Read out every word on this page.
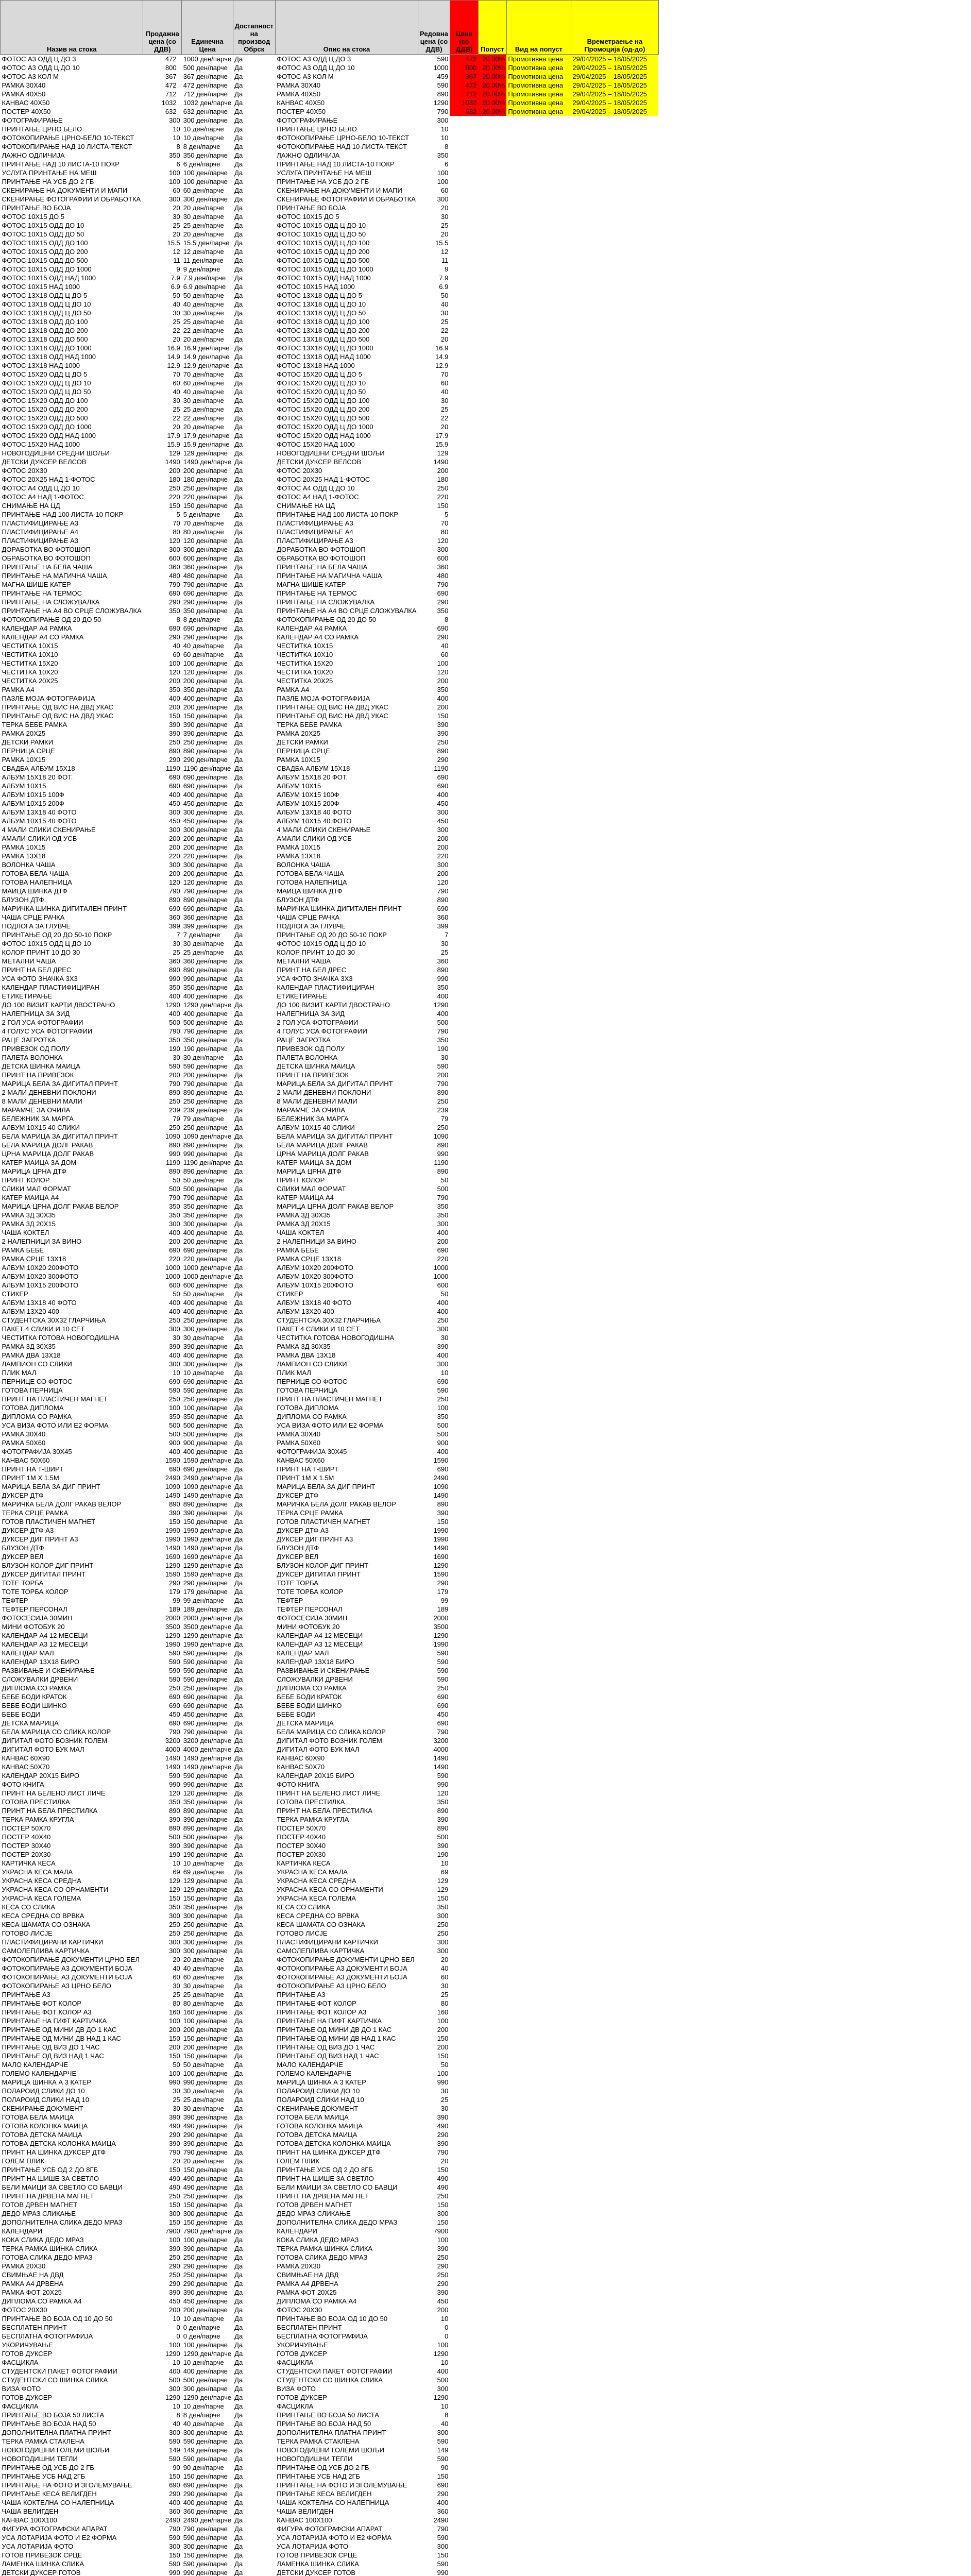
Назив на стока	Продажна цена (со ДДВ)	Единечна Цена	Достапност на производ Обрск	Опис на стока	Редовна цена (со ДДВ)	Цена (со ДДВ)	Попуст	Вид на попуст	Времетраење на Промоција (од-до)
ФОТОС А3 ОДД Ц ДО 3	472	1000 ден/парче	Да	ФОТОС А3 ОДД Ц ДО 3	590	472	20.00%	Промотивна цена	29/04/2025 – 18/05/2025
ФОТОС А3 ОДД Ц ДО 10	800	500 ден/парче	Да	ФОТОС А3 ОДД Ц ДО 10	1000	800	20.00%	Промотивна цена	29/04/2025 – 18/05/2025
ФОТОС А3 КОЛ М	367	367 ден/парче	Да	ФОТОС А3 КОЛ М	459	367	20.00%	Промотивна цена	29/04/2025 – 18/05/2025
РАМКА 30Х40	472	472 ден/парче	Да	РАМКА 30Х40	590	472	20.00%	Промотивна цена	29/04/2025 – 18/05/2025
РАМКА 40Х50	712	712 ден/парче	Да	РАМКА 40Х50	890	712	20.00%	Промотивна цена	29/04/2025 – 18/05/2025
КАНВАС 40Х50	1032	1032 ден/парче	Да	КАНВАС 40Х50	1290	1032	20.00%	Промотивна цена	29/04/2025 – 18/05/2025
ПОСТЕР 40Х50	632	632 ден/парче	Да	ПОСТЕР 40Х50	790	632	20.00%	Промотивна цена	29/04/2025 – 18/05/2025
ФОТОГРАФИРАЊЕ	300	300 ден/парче	Да	ФОТОГРАФИРАЊЕ	300				
ПРИНТАЊЕ ЦРНО БЕЛО	10	10 ден/парче	Да	ПРИНТАЊЕ ЦРНО БЕЛО	10				
ФОТОКОПИРАЊЕ ЦРНО-БЕЛО 10-ТЕКСТ	10	10 ден/парче	Да	ФОТОКОПИРАЊЕ ЦРНО-БЕЛО 10-ТЕКСТ	10				
ФОТОКОПИРАЊЕ НАД 10 ЛИСТА-ТЕКСТ	8	8 ден/парче	Да	ФОТОКОПИРАЊЕ НАД 10 ЛИСТА-ТЕКСТ	8				
ЛАЖНО ОДЛИЧИЈА	350	350 ден/парче	Да	ЛАЖНО ОДЛИЧИЈА	350				
ПРИНТАЊЕ НАД 10 ЛИСТА-10 ПОКР	6	6 ден/парче	Да	ПРИНТАЊЕ НАД 10 ЛИСТА-10 ПОКР	6				
УСЛУГА ПРИНТАЊЕ НА МЕШ	100	100 ден/парче	Да	УСЛУГА ПРИНТАЊЕ НА МЕШ	100				
ПРИНТАЊЕ НА УСБ ДО 2 ГБ	100	100 ден/парче	Да	ПРИНТАЊЕ НА УСБ ДО 2 ГБ	100				
СКЕНИРАЊЕ НА ДОКУМЕНТИ И МАПИ	60	60 ден/парче	Да	СКЕНИРАЊЕ НА ДОКУМЕНТИ И МАПИ	60				
СКЕНИРАЊЕ ФОТОГРАФИИ И ОБРАБОТКА	300	300 ден/парче	Да	СКЕНИРАЊЕ ФОТОГРАФИИ И ОБРАБОТКА	300				
ПРИНТАЊЕ ВО БОЈА	20	20 ден/парче	Да	ПРИНТАЊЕ ВО БОЈА	20				
ФОТОС 10Х15 ДО 5	30	30 ден/парче	Да	ФОТОС 10Х15 ДО 5	30				
ФОТОС 10Х15 ОДД ДО 10	25	25 ден/парче	Да	ФОТОС 10Х15 ОДД Ц ДО 10	25				
ФОТОС 10Х15 ОДД ДО 50	20	20 ден/парче	Да	ФОТОС 10Х15 ОДД Ц ДО 50	20				
ФОТОС 10Х15 ОДД ДО 100	15.5	15.5 ден/парче	Да	ФОТОС 10Х15 ОДД Ц ДО 100	15.5				
ФОТОС 10Х15 ОДД ДО 200	12	12 ден/парче	Да	ФОТОС 10Х15 ОДД Ц ДО 200	12				
ФОТОС 10Х15 ОДД ДО 500	11	11 ден/парче	Да	ФОТОС 10Х15 ОДД Ц ДО 500	11				
ФОТОС 10Х15 ОДД ДО 1000	9	9 ден/парче	Да	ФОТОС 10Х15 ОДД Ц ДО 1000	9				
ФОТОС 10Х15 ОДД НАД 1000	7.9	7.9 ден/парче	Да	ФОТОС 10Х15 ОДД НАД 1000	7.9				
ФОТОС 10Х15 НАД 1000	6.9	6.9 ден/парче	Да	ФОТОС 10Х15 НАД 1000	6.9				
ФОТОС 13Х18 ОДД Ц ДО 5	50	50 ден/парче	Да	ФОТОС 13Х18 ОДД Ц ДО 5	50				
ФОТОС 13Х18 ОДД Ц ДО 10	40	40 ден/парче	Да	ФОТОС 13Х18 ОДД Ц ДО 10	40				
ФОТОС 13Х18 ОДД Ц ДО 50	30	30 ден/парче	Да	ФОТОС 13Х18 ОДД Ц ДО 50	30				
ФОТОС 13Х18 ОДД ДО 100	25	25 ден/парче	Да	ФОТОС 13Х18 ОДД Ц ДО 100	25				
ФОТОС 13Х18 ОДД ДО 200	22	22 ден/парче	Да	ФОТОС 13Х18 ОДД Ц ДО 200	22				
ФОТОС 13Х18 ОДД ДО 500	20	20 ден/парче	Да	ФОТОС 13Х18 ОДД Ц ДО 500	20				
ФОТОС 13Х18 ОДД ДО 1000	16.9	16.9 ден/парче	Да	ФОТОС 13Х18 ОДД Ц ДО 1000	16.9				
ФОТОС 13Х18 ОДД НАД 1000	14.9	14.9 ден/парче	Да	ФОТОС 13Х18 ОДД НАД 1000	14.9				
ФОТОС 13Х18 НАД 1000	12.9	12.9 ден/парче	Да	ФОТОС 13Х18 НАД 1000	12.9				
ФОТОС 15Х20 ОДД Ц ДО 5	70	70 ден/парче	Да	ФОТОС 15Х20 ОДД Ц ДО 5	70				
ФОТОС 15Х20 ОДД Ц ДО 10	60	60 ден/парче	Да	ФОТОС 15Х20 ОДД Ц ДО 10	60				
ФОТОС 15Х20 ОДД Ц ДО 50	40	40 ден/парче	Да	ФОТОС 15Х20 ОДД Ц ДО 50	40				
ФОТОС 15Х20 ОДД ДО 100	30	30 ден/парче	Да	ФОТОС 15Х20 ОДД Ц ДО 100	30				
ФОТОС 15Х20 ОДД ДО 200	25	25 ден/парче	Да	ФОТОС 15Х20 ОДД Ц ДО 200	25				
ФОТОС 15Х20 ОДД ДО 500	22	22 ден/парче	Да	ФОТОС 15Х20 ОДД Ц ДО 500	22				
ФОТОС 15Х20 ОДД ДО 1000	20	20 ден/парче	Да	ФОТОС 15Х20 ОДД Ц ДО 1000	20				
ФОТОС 15Х20 ОДД НАД 1000	17.9	17.9 ден/парче	Да	ФОТОС 15Х20 ОДД НАД 1000	17.9				
ФОТОС 15Х20 НАД 1000	15.9	15.9 ден/парче	Да	ФОТОС 15Х20 НАД 1000	15.9				
НОВОГОДИШНИ СРЕДНИ ШОЉИ	129	129 ден/парче	Да	НОВОГОДИШНИ СРЕДНИ ШОЉИ	129				
ДЕТСКИ ДУКСЕР ВЕЛСОВ	1490	1490 ден/парче	Да	ДЕТСКИ ДУКСЕР ВЕЛСОВ	1490				
ФОТОС 20Х30	200	200 ден/парче	Да	ФОТОС 20Х30	200				
ФОТОС 20Х25 НАД 1-ФОТОС	180	180 ден/парче	Да	ФОТОС 20Х25 НАД 1-ФОТОС	180				
ФОТОС А4 ОДД Ц ДО 10	250	250 ден/парче	Да	ФОТОС А4 ОДД Ц ДО 10	250				
ФОТОС А4 НАД 1-ФОТОС	220	220 ден/парче	Да	ФОТОС А4 НАД 1-ФОТОС	220				
СНИМАЊЕ НА ЦД	150	150 ден/парче	Да	СНИМАЊЕ НА ЦД	150				
ПРИНТАЊЕ НАД 100 ЛИСТА-10 ПОКР	5	5 ден/парче	Да	ПРИНТАЊЕ НАД 100 ЛИСТА-10 ПОКР	5				
ПЛАСТИФИЦИРАЊЕ А3	70	70 ден/парче	Да	ПЛАСТИФИЦИРАЊЕ А3	70				
ПЛАСТИФИЦИРАЊЕ А4	80	80 ден/парче	Да	ПЛАСТИФИЦИРАЊЕ А4	80				
ПЛАСТИФИЦИРАЊЕ А3	120	120 ден/парче	Да	ПЛАСТИФИЦИРАЊЕ А3	120				
ДОРАБОТКА ВО ФОТОШОП	300	300 ден/парче	Да	ДОРАБОТКА ВО ФОТОШОП	300				
ОБРАБОТКА ВО ФОТОШОП	600	600 ден/парче	Да	ОБРАБОТКА ВО ФОТОШОП	600				
ПРИНТАЊЕ НА БЕЛА ЧАША	360	360 ден/парче	Да	ПРИНТАЊЕ НА БЕЛА ЧАША	360				
ПРИНТАЊЕ НА МАГИЧНА ЧАША	480	480 ден/парче	Да	ПРИНТАЊЕ НА МАГИЧНА ЧАША	480				
МАГНА ШИШЕ КАТЕР	790	790 ден/парче	Да	МАГНА ШИШЕ КАТЕР	790				
ПРИНТАЊЕ НА ТЕРМОС	690	690 ден/парче	Да	ПРИНТАЊЕ НА ТЕРМОС	690				
ПРИНТАЊЕ НА СЛОЖУВАЛКА	290	290 ден/парче	Да	ПРИНТАЊЕ НА СЛОЖУВАЛКА	290				
ПРИНТАЊЕ НА А4 ВО СРЦЕ СЛОЖУВАЛКА	350	350 ден/парче	Да	ПРИНТАЊЕ НА А4 ВО СРЦЕ СЛОЖУВАЛКА	350				
ФОТОКОПИРАЊЕ ОД 20 ДО 50	8	8 ден/парче	Да	ФОТОКОПИРАЊЕ ОД 20 ДО 50	8				
КАЛЕНДАР А4 РАМКА	690	690 ден/парче	Да	КАЛЕНДАР А4 РАМКА	690				
КАЛЕНДАР А4 СО РАМКА	290	290 ден/парче	Да	КАЛЕНДАР А4 СО РАМКА	290				
ЧЕСТИТКА 10Х15	40	40 ден/парче	Да	ЧЕСТИТКА 10Х15	40				
ЧЕСТИТКА 10Х10	60	60 ден/парче	Да	ЧЕСТИТКА 10Х10	60				
ЧЕСТИТКА 15Х20	100	100 ден/парче	Да	ЧЕСТИТКА 15Х20	100				
ЧЕСТИТКА 10Х20	120	120 ден/парче	Да	ЧЕСТИТКА 10Х20	120				
ЧЕСТИТКА 20Х25	200	200 ден/парче	Да	ЧЕСТИТКА 20Х25	200				
РАМКА А4	350	350 ден/парче	Да	РАМКА А4	350				
ПАЗЛЕ МОЈА ФОТОГРАФИЈА	400	400 ден/парче	Да	ПАЗЛЕ МОЈА ФОТОГРАФИЈА	400				
ПРИНТАЊЕ ОД ВИС НА ДВД УКАС	200	200 ден/парче	Да	ПРИНТАЊЕ ОД ВИС НА ДВД УКАС	200				
ПРИНТАЊЕ ОД ВИС НА ДВД УКАС	150	150 ден/парче	Да	ПРИНТАЊЕ ОД ВИС НА ДВД УКАС	150				
ТЕРКА БЕБЕ РАМКА	390	390 ден/парче	Да	ТЕРКА БЕБЕ РАМКА	390				
РАМКА 20Х25	390	390 ден/парче	Да	РАМКА 20Х25	390				
ДЕТСКИ РАМКИ	250	250 ден/парче	Да	ДЕТСКИ РАМКИ	250				
ПЕРНИЦА СРЦЕ	890	890 ден/парче	Да	ПЕРНИЦА СРЦЕ	890				
РАМКА 10Х15	290	290 ден/парче	Да	РАМКА 10Х15	290				
СВАДБА АЛБУМ 15Х18	1190	1190 ден/парче	Да	СВАДБА АЛБУМ 15Х18	1190				
АЛБУМ 15Х18 20 ФОТ.	690	690 ден/парче	Да	АЛБУМ 15Х18 20 ФОТ.	690				
АЛБУМ 10Х15	690	690 ден/парче	Да	АЛБУМ 10Х15	690				
АЛБУМ 10Х15 100Ф	400	400 ден/парче	Да	АЛБУМ 10Х15 100Ф	400				
АЛБУМ 10Х15 200Ф	450	450 ден/парче	Да	АЛБУМ 10Х15 200Ф	450				
АЛБУМ 13Х18 40 ФОТО	300	300 ден/парче	Да	АЛБУМ 13Х18 40 ФОТО	300				
АЛБУМ 10Х15 40 ФОТО	450	450 ден/парче	Да	АЛБУМ 10Х15 40 ФОТО	450				
4 МАЛИ СЛИКИ СКЕНИРАЊЕ	300	300 ден/парче	Да	4 МАЛИ СЛИКИ СКЕНИРАЊЕ	300				
АМАЛИ СЛИКИ ОД УСБ	200	200 ден/парче	Да	АМАЛИ СЛИКИ ОД УСБ	200				
РАМКА 10Х15	200	200 ден/парче	Да	РАМКА 10Х15	200				
РАМКА 13Х18	220	220 ден/парче	Да	РАМКА 13Х18	220				
ВОЛОНКА ЧАША	300	300 ден/парче	Да	ВОЛОНКА ЧАША	300				
ГОТОВА БЕЛА ЧАША	200	200 ден/парче	Да	ГОТОВА БЕЛА ЧАША	200				
ГОТОВА НАЛЕПНИЦА	120	120 ден/парче	Да	ГОТОВА НАЛЕПНИЦА	120				
МАИЦА ШИНКА ДТФ	790	790 ден/парче	Да	МАИЦА ШИНКА ДТФ	790				
БЛУЗОН ДТФ	890	890 ден/парче	Да	БЛУЗОН ДТФ	890				
МАРИЧКА ШИНКА ДИГИТАЛЕН ПРИНТ	690	690 ден/парче	Да	МАРИЧКА ШИНКА ДИГИТАЛЕН ПРИНТ	690				
ЧАША СРЦЕ РАЧКА	360	360 ден/парче	Да	ЧАША СРЦЕ РАЧКА	360				
ПОДЛОГА ЗА ГЛУВЧЕ	399	399 ден/парче	Да	ПОДЛОГА ЗА ГЛУВЧЕ	399				
ПРИНТАЊЕ ОД 20 ДО 50-10 ПОКР	7	7 ден/парче	Да	ПРИНТАЊЕ ОД 20 ДО 50-10 ПОКР	7				
ФОТОС 10Х15 ОДД Ц ДО 10	30	30 ден/парче	Да	ФОТОС 10Х15 ОДД Ц ДО 10	30				
КОЛОР ПРИНТ 10 ДО 30	25	25 ден/парче	Да	КОЛОР ПРИНТ 10 ДО 30	25				
МЕТАЛНИ ЧАША	360	360 ден/парче	Да	МЕТАЛНИ ЧАША	360				
ПРИНТ НА БЕЛ ДРЕС	890	890 ден/парче	Да	ПРИНТ НА БЕЛ ДРЕС	890				
УСА ФОТО ЗНАЧКА 3Х3	990	990 ден/парче	Да	УСА ФОТО ЗНАЧКА 3Х3	990				
КАЛЕНДАР ПЛАСТИФИЦИРАН	350	350 ден/парче	Да	КАЛЕНДАР ПЛАСТИФИЦИРАН	350				
ЕТИКЕТИРАЊЕ	400	400 ден/парче	Да	ЕТИКЕТИРАЊЕ	400				
ДО 100 ВИЗИТ КАРТИ ДВОСТРАНО	1290	1290 ден/парче	Да	ДО 100 ВИЗИТ КАРТИ ДВОСТРАНО	1290				
НАЛЕПНИЦА ЗА ЗИД	400	400 ден/парче	Да	НАЛЕПНИЦА ЗА ЗИД	400				
2 ГОЛ УСА ФОТОГРАФИИ	500	500 ден/парче	Да	2 ГОЛ УСА ФОТОГРАФИИ	500				
4 ГОЛУС УСА ФОТОГРАФИИ	790	790 ден/парче	Да	4 ГОЛУС УСА ФОТОГРАФИИ	790				
РАЦЕ ЗАГРОТКА	350	350 ден/парче	Да	РАЦЕ ЗАГРОТКА	350				
ПРИВЕЗОК ОД ПОЛУ	190	190 ден/парче	Да	ПРИВЕЗОК ОД ПОЛУ	190				
ПАЛЕТА ВОЛОНКА	30	30 ден/парче	Да	ПАЛЕТА ВОЛОНКА	30				
ДЕТСКА ШИНКА МАИЦА	590	590 ден/парче	Да	ДЕТСКА ШИНКА МАИЦА	590				
ПРИНТ НА ПРИВЕЗОК	200	200 ден/парче	Да	ПРИНТ НА ПРИВЕЗОК	200				
МАРИЦА БЕЛА ЗА ДИГИТАЛ ПРИНТ	790	790 ден/парче	Да	МАРИЦА БЕЛА ЗА ДИГИТАЛ ПРИНТ	790				
2 МАЛИ ДЕНЕВНИ ПОКЛОНИ	890	890 ден/парче	Да	2 МАЛИ ДЕНЕВНИ ПОКЛОНИ	890				
8 МАЛИ ДЕНЕВНИ МАЛИ	250	250 ден/парче	Да	8 МАЛИ ДЕНЕВНИ МАЛИ	250				
МАРАМЧЕ ЗА ОЧИЛА	239	239 ден/парче	Да	МАРАМЧЕ ЗА ОЧИЛА	239				
БЕЛЕЖНИК ЗА МАРГА	79	79 ден/парче	Да	БЕЛЕЖНИК ЗА МАРГА	79				
АЛБУМ 10Х15 40 СЛИКИ	250	250 ден/парче	Да	АЛБУМ 10Х15 40 СЛИКИ	250				
БЕЛА МАРИЦА ЗА ДИГИТАЛ ПРИНТ	1090	1090 ден/парче	Да	БЕЛА МАРИЦА ЗА ДИГИТАЛ ПРИНТ	1090				
БЕЛА МАРИЦА ДОЛГ РАКАВ	890	890 ден/парче	Да	БЕЛА МАРИЦА ДОЛГ РАКАВ	890				
ЦРНА МАРИЦА ДОЛГ РАКАВ	990	990 ден/парче	Да	ЦРНА МАРИЦА ДОЛГ РАКАВ	990				
КАТЕР МАИЦА ЗА ДОМ	1190	1190 ден/парче	Да	КАТЕР МАИЦА ЗА ДОМ	1190				
МАРИЦА ЦРНА ДТФ	890	890 ден/парче	Да	МАРИЦА ЦРНА ДТФ	890				
ПРИНТ КОЛОР	50	50 ден/парче	Да	ПРИНТ КОЛОР	50				
СЛИКИ МАЛ ФОРМАТ	500	500 ден/парче	Да	СЛИКИ МАЛ ФОРМАТ	500				
КАТЕР МАИЦА А4	790	790 ден/парче	Да	КАТЕР МАИЦА А4	790				
МАРИЦА ЦРНА ДОЛГ РАКАВ ВЕЛОР	350	350 ден/парче	Да	МАРИЦА ЦРНА ДОЛГ РАКАВ ВЕЛОР	350				
РАМКА 3Д 30Х35	350	350 ден/парче	Да	РАМКА 3Д 30Х35	350				
РАМКА 3Д 20Х15	300	300 ден/парче	Да	РАМКА 3Д 20Х15	300				
ЧАША КОКТЕЛ	400	400 ден/парче	Да	ЧАША КОКТЕЛ	400				
2 НАЛЕПНИЦИ ЗА ВИНО	200	200 ден/парче	Да	2 НАЛЕПНИЦИ ЗА ВИНО	200				
РАМКА БЕБЕ	690	690 ден/парче	Да	РАМКА БЕБЕ	690				
РАМКА СРЦЕ 13Х18	220	220 ден/парче	Да	РАМКА СРЦЕ 13Х18	220				
АЛБУМ 10Х20 200ФОТО	1000	1000 ден/парче	Да	АЛБУМ 10Х20 200ФОТО	1000				
АЛБУМ 10Х20 300ФОТО	1000	1000 ден/парче	Да	АЛБУМ 10Х20 300ФОТО	1000				
АЛБУМ 10Х15 200ФОТО	600	600 ден/парче	Да	АЛБУМ 10Х15 200ФОТО	600				
СТИКЕР	50	50 ден/парче	Да	СТИКЕР	50				
АЛБУМ 13Х18 40 ФОТО	400	400 ден/парче	Да	АЛБУМ 13Х18 40 ФОТО	400				
АЛБУМ 13Х20 400	400	400 ден/парче	Да	АЛБУМ 13Х20 400	400				
СТУДЕНТСКА 30Х32 ГЛАРЧИЊА	250	250 ден/парче	Да	СТУДЕНТСКА 30Х32 ГЛАРЧИЊА	250				
ПАКЕТ 4 СЛИКИ И 10 СЕТ	300	300 ден/парче	Да	ПАКЕТ 4 СЛИКИ И 10 СЕТ	300				
ЧЕСТИТКА ГОТОВА НОВОГОДИШНА	30	30 ден/парче	Да	ЧЕСТИТКА ГОТОВА НОВОГОДИШНА	30				
РАМКА 3Д 30Х35	390	390 ден/парче	Да	РАМКА 3Д 30Х35	390				
РАМКА ДВА 13Х18	400	400 ден/парче	Да	РАМКА ДВА 13Х18	400				
ЛАМПИОН СО СЛИКИ	300	300 ден/парче	Да	ЛАМПИОН СО СЛИКИ	300				
ПЛИК МАЛ	10	10 ден/парче	Да	ПЛИК МАЛ	10				
ПЕРНИЦЕ СО ФОТОС	690	690 ден/парче	Да	ПЕРНИЦЕ СО ФОТОС	690				
ГОТОВА ПЕРНИЦА	590	590 ден/парче	Да	ГОТОВА ПЕРНИЦА	590				
ПРИНТ НА ПЛАСТИЧЕН МАГНЕТ	250	250 ден/парче	Да	ПРИНТ НА ПЛАСТИЧЕН МАГНЕТ	250				
ГОТОВА ДИПЛОМА	100	100 ден/парче	Да	ГОТОВА ДИПЛОМА	100				
ДИПЛОМА СО РАМКА	350	350 ден/парче	Да	ДИПЛОМА СО РАМКА	350				
УСА ВИЗА ФОТО ИЛИ Е2 ФОРМА	500	500 ден/парче	Да	УСА ВИЗА ФОТО ИЛИ Е2 ФОРМА	500				
РАМКА 30Х40	500	500 ден/парче	Да	РАМКА 30Х40	500				
РАМКА 50Х60	900	900 ден/парче	Да	РАМКА 50Х60	900				
ФОТОГРАФИЈА 30Х45	400	400 ден/парче	Да	ФОТОГРАФИЈА 30Х45	400				
КАНВАС 50Х60	1590	1590 ден/парче	Да	КАНВАС 50Х60	1590				
ПРИНТ НА Т-ШИРТ	690	690 ден/парче	Да	ПРИНТ НА Т-ШИРТ	690				
ПРИНТ 1М Х 1.5М	2490	2490 ден/парче	Да	ПРИНТ 1М Х 1.5М	2490				
МАРИЦА БЕЛА ЗА ДИГ ПРИНТ	1090	1090 ден/парче	Да	МАРИЦА БЕЛА ЗА ДИГ ПРИНТ	1090				
ДУКСЕР ДТФ	1490	1490 ден/парче	Да	ДУКСЕР ДТФ	1490				
МАРИЧКА БЕЛА ДОЛГ РАКАВ ВЕЛОР	890	890 ден/парче	Да	МАРИЧКА БЕЛА ДОЛГ РАКАВ ВЕЛОР	890				
ТЕРКА СРЦЕ РАМКА	390	390 ден/парче	Да	ТЕРКА СРЦЕ РАМКА	390				
ГОТОВ ПЛАСТИЧЕН МАГНЕТ	150	150 ден/парче	Да	ГОТОВ ПЛАСТИЧЕН МАГНЕТ	150				
ДУКСЕР ДТФ А3	1990	1990 ден/парче	Да	ДУКСЕР ДТФ А3	1990				
ДУКСЕР ДИГ ПРИНТ А3	1990	1990 ден/парче	Да	ДУКСЕР ДИГ ПРИНТ А3	1990				
БЛУЗОН ДТФ	1490	1490 ден/парче	Да	БЛУЗОН ДТФ	1490				
ДУКСЕР ВЕЛ	1690	1690 ден/парче	Да	ДУКСЕР ВЕЛ	1690				
БЛУЗОН КОЛОР ДИГ ПРИНТ	1290	1290 ден/парче	Да	БЛУЗОН КОЛОР ДИГ ПРИНТ	1290				
ДУКСЕР ДИГИТАЛ ПРИНТ	1590	1590 ден/парче	Да	ДУКСЕР ДИГИТАЛ ПРИНТ	1590				
ТОТЕ ТОРБА	290	290 ден/парче	Да	ТОТЕ ТОРБА	290				
ТОТЕ ТОРБА КОЛОР	179	179 ден/парче	Да	ТОТЕ ТОРБА КОЛОР	179				
ТЕФТЕР	99	99 ден/парче	Да	ТЕФТЕР	99				
ТЕФТЕР ПЕРСОНАЛ	189	189 ден/парче	Да	ТЕФТЕР ПЕРСОНАЛ	189				
ФОТОСЕСИЈА 30МИН	2000	2000 ден/парче	Да	ФОТОСЕСИЈА 30МИН	2000				
МИНИ ФОТОБУК 20	3500	3500 ден/парче	Да	МИНИ ФОТОБУК 20	3500				
КАЛЕНДАР А4 12 МЕСЕЦИ	1290	1290 ден/парче	Да	КАЛЕНДАР А4 12 МЕСЕЦИ	1290				
КАЛЕНДАР А3 12 МЕСЕЦИ	1990	1990 ден/парче	Да	КАЛЕНДАР А3 12 МЕСЕЦИ	1990				
КАЛЕНДАР МАЛ	590	590 ден/парче	Да	КАЛЕНДАР МАЛ	590				
КАЛЕНДАР 13Х18 БИРО	590	590 ден/парче	Да	КАЛЕНДАР 13Х18 БИРО	590				
РАЗВИВАЊЕ И СКЕНИРАЊЕ	590	590 ден/парче	Да	РАЗВИВАЊЕ И СКЕНИРАЊЕ	590				
СЛОЖУВАЛКИ ДРВЕНИ	590	590 ден/парче	Да	СЛОЖУВАЛКИ ДРВЕНИ	590				
ДИПЛОМА СО РАМКА	250	250 ден/парче	Да	ДИПЛОМА СО РАМКА	250				
БЕБЕ БОДИ КРАТОК	690	690 ден/парче	Да	БЕБЕ БОДИ КРАТОК	690				
БЕБЕ БОДИ ШИНКО	690	690 ден/парче	Да	БЕБЕ БОДИ ШИНКО	690				
БЕБЕ БОДИ	450	450 ден/парче	Да	БЕБЕ БОДИ	450				
ДЕТСКА МАРИЦА	690	690 ден/парче	Да	ДЕТСКА МАРИЦА	690				
БЕЛА МАРИЦА СО СЛИКА КОЛОР	790	790 ден/парче	Да	БЕЛА МАРИЦА СО СЛИКА КОЛОР	790				
ДИГИТАЛ ФОТО ВОЗНИК ГОЛЕМ	3200	3200 ден/парче	Да	ДИГИТАЛ ФОТО ВОЗНИК ГОЛЕМ	3200				
ДИГИТАЛ ФОТО БУК МАЛ	4000	4000 ден/парче	Да	ДИГИТАЛ ФОТО БУК МАЛ	4000				
КАНВАС 60Х90	1490	1490 ден/парче	Да	КАНВАС 60Х90	1490				
КАНВАС 50Х70	1490	1490 ден/парче	Да	КАНВАС 50Х70	1490				
КАЛЕНДАР 20Х15 БИРО	590	590 ден/парче	Да	КАЛЕНДАР 20Х15 БИРО	590				
ФОТО КНИГА	990	990 ден/парче	Да	ФОТО КНИГА	990				
ПРИНТ НА БЕЛЕНО ЛИСТ ЛИЧЕ	120	120 ден/парче	Да	ПРИНТ НА БЕЛЕНО ЛИСТ ЛИЧЕ	120				
ГОТОВА ПРЕСТИЛКА	350	350 ден/парче	Да	ГОТОВА ПРЕСТИЛКА	350				
ПРИНТ НА БЕЛА ПРЕСТИЛКА	890	890 ден/парче	Да	ПРИНТ НА БЕЛА ПРЕСТИЛКА	890				
ТЕРКА РАМКА КРУГЛА	390	390 ден/парче	Да	ТЕРКА РАМКА КРУГЛА	390				
ПОСТЕР 50Х70	890	890 ден/парче	Да	ПОСТЕР 50Х70	890				
ПОСТЕР 40Х40	500	500 ден/парче	Да	ПОСТЕР 40Х40	500				
ПОСТЕР 30Х40	390	390 ден/парче	Да	ПОСТЕР 30Х40	390				
ПОСТЕР 20Х30	190	190 ден/парче	Да	ПОСТЕР 20Х30	190				
КАРТИЧКА КЕСА	10	10 ден/парче	Да	КАРТИЧКА КЕСА	10				
УКРАСНА КЕСА МАЛА	69	69 ден/парче	Да	УКРАСНА КЕСА МАЛА	69				
УКРАСНА КЕСА СРЕДНА	129	129 ден/парче	Да	УКРАСНА КЕСА СРЕДНА	129				
УКРАСНА КЕСА СО ОРНАМЕНТИ	129	129 ден/парче	Да	УКРАСНА КЕСА СО ОРНАМЕНТИ	129				
УКРАСНА КЕСА ГОЛЕМА	150	150 ден/парче	Да	УКРАСНА КЕСА ГОЛЕМА	150				
КЕСА СО СЛИКА	350	350 ден/парче	Да	КЕСА СО СЛИКА	350				
КЕСА СРЕДНА СО ВРВКА	300	300 ден/парче	Да	КЕСА СРЕДНА СО ВРВКА	300				
КЕСА ШАМАТА СО ОЗНАКА	250	250 ден/парче	Да	КЕСА ШАМАТА СО ОЗНАКА	250				
ГОТОВО ЛИСЈЕ	250	250 ден/парче	Да	ГОТОВО ЛИСЈЕ	250				
ПЛАСТИФИЦИРАНИ КАРТИЧКИ	300	300 ден/парче	Да	ПЛАСТИФИЦИРАНИ КАРТИЧКИ	300				
САМОЛЕПЛИВА КАРТИЧКА	300	300 ден/парче	Да	САМОЛЕПЛИВА КАРТИЧКА	300				
ФОТОКОПИРАЊЕ ДОКУМЕНТИ ЦРНО БЕЛ	20	20 ден/парче	Да	ФОТОКОПИРАЊЕ ДОКУМЕНТИ ЦРНО БЕЛ	20				
ФОТОКОПИРАЊЕ А3 ДОКУМЕНТИ БОЈА	40	40 ден/парче	Да	ФОТОКОПИРАЊЕ А3 ДОКУМЕНТИ БОЈА	40				
ФОТОКОПИРАЊЕ А3 ДОКУМЕНТИ БОЈА	60	60 ден/парче	Да	ФОТОКОПИРАЊЕ А3 ДОКУМЕНТИ БОЈА	60				
ФОТОКОПИРАЊЕ А3 ЦРНО БЕЛО	30	30 ден/парче	Да	ФОТОКОПИРАЊЕ А3 ЦРНО БЕЛО	30				
ПРИНТАЊЕ А3	25	25 ден/парче	Да	ПРИНТАЊЕ А3	25				
ПРИНТАЊЕ ФОТ КОЛОР	80	80 ден/парче	Да	ПРИНТАЊЕ ФОТ КОЛОР	80				
ПРИНТАЊЕ ФОТ КОЛОР А3	160	160 ден/парче	Да	ПРИНТАЊЕ ФОТ КОЛОР А3	160				
ПРИНТАЊЕ НА ГИФТ КАРТИЧКА	100	100 ден/парче	Да	ПРИНТАЊЕ НА ГИФТ КАРТИЧКА	100				
ПРИНТАЊЕ ОД МИНИ ДВ ДО 1 КАС	200	200 ден/парче	Да	ПРИНТАЊЕ ОД МИНИ ДВ ДО 1 КАС	200				
ПРИНТАЊЕ ОД МИНИ ДВ НАД 1 КАС	150	150 ден/парче	Да	ПРИНТАЊЕ ОД МИНИ ДВ НАД 1 КАС	150				
ПРИНТАЊЕ ОД ВИЗ ДО 1 ЧАС	200	200 ден/парче	Да	ПРИНТАЊЕ ОД ВИЗ ДО 1 ЧАС	200				
ПРИНТАЊЕ ОД ВИЗ НАД 1 ЧАС	150	150 ден/парче	Да	ПРИНТАЊЕ ОД ВИЗ НАД 1 ЧАС	150				
МАЛО КАЛЕНДАРЧЕ	50	50 ден/парче	Да	МАЛО КАЛЕНДАРЧЕ	50				
ГОЛЕМО КАЛЕНДАРЧЕ	100	100 ден/парче	Да	ГОЛЕМО КАЛЕНДАРЧЕ	100				
МАРИЦА ШИНКА А 3 КАТЕР	990	990 ден/парче	Да	МАРИЦА ШИНКА А 3 КАТЕР	990				
ПОЛАРОИД СЛИКИ ДО 10	30	30 ден/парче	Да	ПОЛАРОИД СЛИКИ ДО 10	30				
ПОЛАРОИД СЛИКИ НАД 10	25	25 ден/парче	Да	ПОЛАРОИД СЛИКИ НАД 10	25				
СКЕНИРАЊЕ ДОКУМЕНТ	30	30 ден/парче	Да	СКЕНИРАЊЕ ДОКУМЕНТ	30				
ГОТОВА БЕЛА МАИЦА	390	390 ден/парче	Да	ГОТОВА БЕЛА МАИЦА	390				
ГОТОВА КОЛОНКА МАИЦА	490	490 ден/парче	Да	ГОТОВА КОЛОНКА МАИЦА	490				
ГОТОВА ДЕТСКА МАИЦА	290	290 ден/парче	Да	ГОТОВА ДЕТСКА МАИЦА	290				
ГОТОВА ДЕТСКА КОЛОНКА МАИЦА	390	390 ден/парче	Да	ГОТОВА ДЕТСКА КОЛОНКА МАИЦА	390				
ПРИНТ НА ШИНКА ДУКСЕР ДТФ	790	790 ден/парче	Да	ПРИНТ НА ШИНКА ДУКСЕР ДТФ	790				
ГОЛЕМ ПЛИК	20	20 ден/парче	Да	ГОЛЕМ ПЛИК	20				
ПРИНТАЊЕ УСБ ОД 2 ДО 8ГБ	150	150 ден/парче	Да	ПРИНТАЊЕ УСБ ОД 2 ДО 8ГБ	150				
ПРИНТ НА ШИШЕ ЗА СВЕТЛО	490	490 ден/парче	Да	ПРИНТ НА ШИШЕ ЗА СВЕТЛО	490				
БЕЛИ МАИЦИ ЗА СВЕТЛО СО БАВЦИ	490	490 ден/парче	Да	БЕЛИ МАИЦИ ЗА СВЕТЛО СО БАВЦИ	490				
ПРИНТ НА ДРВЕНА МАГНЕТ	250	250 ден/парче	Да	ПРИНТ НА ДРВЕНА МАГНЕТ	250				
ГОТОВ ДРВЕН МАГНЕТ	150	150 ден/парче	Да	ГОТОВ ДРВЕН МАГНЕТ	150				
ДЕДО МРАЗ СЛИКАЊЕ	300	300 ден/парче	Да	ДЕДО МРАЗ СЛИКАЊЕ	300				
ДОПОЛНИТЕЛНА СЛИКА ДЕДО МРАЗ	150	150 ден/парче	Да	ДОПОЛНИТЕЛНА СЛИКА ДЕДО МРАЗ	150				
КАЛЕНДАРИ	7900	7900 ден/парче	Да	КАЛЕНДАРИ	7900				
КОКА СЛИКА ДЕДО МРАЗ	100	100 ден/парче	Да	КОКА СЛИКА ДЕДО МРАЗ	100				
ТЕРКА РАМКА ШИНКА СЛИКА	390	390 ден/парче	Да	ТЕРКА РАМКА ШИНКА СЛИКА	390				
ГОТОВА СЛИКА ДЕДО МРАЗ	250	250 ден/парче	Да	ГОТОВА СЛИКА ДЕДО МРАЗ	250				
РАМКА 20Х30	290	290 ден/парче	Да	РАМКА 20Х30	290				
СВИМЊАЕ НА ДВД	250	250 ден/парче	Да	СВИМЊАЕ НА ДВД	250				
РАМКА А4 ДРВЕНА	290	290 ден/парче	Да	РАМКА А4 ДРВЕНА	290				
РАМКА ФОТ 20Х25	390	390 ден/парче	Да	РАМКА ФОТ 20Х25	390				
ДИПЛОМА СО РАМКА А4	450	450 ден/парче	Да	ДИПЛОМА СО РАМКА А4	450				
ФОТОС 20Х30	200	200 ден/парче	Да	ФОТОС 20Х30	200				
ПРИНТАЊЕ ВО БОЈА ОД 10 ДО 50	10	10 ден/парче	Да	ПРИНТАЊЕ ВО БОЈА ОД 10 ДО 50	10				
БЕСПЛАТЕН ПРИНТ	0	0 ден/парче	Да	БЕСПЛАТЕН ПРИНТ	0				
БЕСПЛАТНА ФОТОГРАФИЈА	0	0 ден/парче	Да	БЕСПЛАТНА ФОТОГРАФИЈА	0				
УКОРИЧУВАЊЕ	100	100 ден/парче	Да	УКОРИЧУВАЊЕ	100				
ГОТОВ ДУКСЕР	1290	1290 ден/парче	Да	ГОТОВ ДУКСЕР	1290				
ФАСЦИКЛА	10	10 ден/парче	Да	ФАСЦИКЛА	10				
СТУДЕНТСКИ ПАКЕТ ФОТОГРАФИИ	400	400 ден/парче	Да	СТУДЕНТСКИ ПАКЕТ ФОТОГРАФИИ	400				
СТУДЕНТСКИ СО ШИНКА СЛИКА	500	500 ден/парче	Да	СТУДЕНТСКИ СО ШИНКА СЛИКА	500				
ВИЗА ФОТО	300	300 ден/парче	Да	ВИЗА ФОТО	300				
ГОТОВ ДУКСЕР	1290	1290 ден/парче	Да	ГОТОВ ДУКСЕР	1290				
ФАСЦИКЛА	10	10 ден/парче	Да	ФАСЦИКЛА	10				
ПРИНТАЊЕ ВО БОЈА 50 ЛИСТА	8	8 ден/парче	Да	ПРИНТАЊЕ ВО БОЈА 50 ЛИСТА	8				
ПРИНТАЊЕ ВО БОЈА НАД 50	40	40 ден/парче	Да	ПРИНТАЊЕ ВО БОЈА НАД 50	40				
ДОПОЛНИТЕЛНА ПЛАТНА ПРИНТ	300	300 ден/парче	Да	ДОПОЛНИТЕЛНА ПЛАТНА ПРИНТ	300				
ТЕРКА РАМКА СТАКЛЕНА	590	590 ден/парче	Да	ТЕРКА РАМКА СТАКЛЕНА	590				
НОВОГОДИШНИ ГОЛЕМИ ШОЉИ	149	149 ден/парче	Да	НОВОГОДИШНИ ГОЛЕМИ ШОЉИ	149				
НОВОГОДИШНИ ТЕГЛИ	590	590 ден/парче	Да	НОВОГОДИШНИ ТЕГЛИ	590				
ПРИНТАЊЕ ОД УСБ ДО 2 ГБ	90	90 ден/парче	Да	ПРИНТАЊЕ ОД УСБ ДО 2 ГБ	90				
ПРИНТАЊЕ УСБ НАД 2ГБ	150	150 ден/парче	Да	ПРИНТАЊЕ УСБ НАД 2ГБ	150				
ПРИНТАЊЕ НА ФОТО И ЗГОЛЕМУВАЊЕ	690	690 ден/парче	Да	ПРИНТАЊЕ НА ФОТО И ЗГОЛЕМУВАЊЕ	690				
ПРИНТАЊЕ КЕСА ВЕЛИГДЕН	290	290 ден/парче	Да	ПРИНТАЊЕ КЕСА ВЕЛИГДЕН	290				
ЧАША КОКТЕЛНА СО НАЛЕПНИЦА	400	400 ден/парче	Да	ЧАША КОКТЕЛНА СО НАЛЕПНИЦА	400				
ЧАША ВЕЛИГДЕН	360	360 ден/парче	Да	ЧАША ВЕЛИГДЕН	360				
КАНВАС 100Х100	2490	2490 ден/парче	Да	КАНВАС 100Х100	2490				
ФИГУРА ФОТОГРАФСКИ АПАРАТ	790	790 ден/парче	Да	ФИГУРА ФОТОГРАФСКИ АПАРАТ	790				
УСА ЛОТАРИЈА ФОТО И Е2 ФОРМА	590	590 ден/парче	Да	УСА ЛОТАРИЈА ФОТО И Е2 ФОРМА	590				
УСА ЛОТАРИЈА ФОТО	300	300 ден/парче	Да	УСА ЛОТАРИЈА ФОТО	300				
ГОТОВ ПРИВЕЗОК СРЦЕ	150	150 ден/парче	Да	ГОТОВ ПРИВЕЗОК СРЦЕ	150				
ЛАМЕНКА ШИНКА СЛИКА	590	590 ден/парче	Да	ЛАМЕНКА ШИНКА СЛИКА	590				
ДЕТСКИ ДУКСЕР ГОТОВ	990	990 ден/парче	Да	ДЕТСКИ ДУКСЕР ГОТОВ	990				
